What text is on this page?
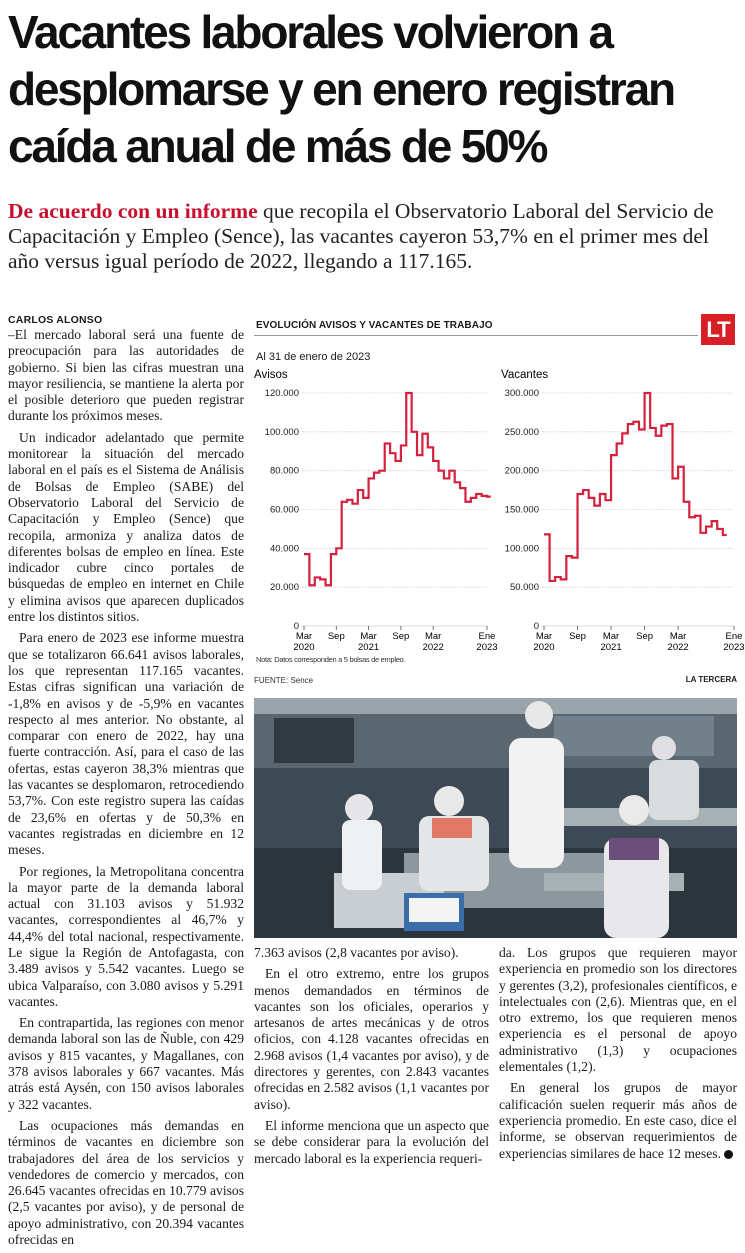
Vacantes laborales volvieron a desplomarse y en enero registran caída anual de más de 50%
De acuerdo con un informe que recopila el Observatorio Laboral del Servicio de Capacitación y Empleo (Sence), las vacantes cayeron 53,7% en el primer mes del año versus igual período de 2022, llegando a 117.165.
CARLOS ALONSO

–El mercado laboral será una fuente de preocupación para las autoridades de gobierno. Si bien las cifras muestran una mayor resiliencia, se mantiene la alerta por el posible deterioro que pueden registrar durante los próximos meses.

Un indicador adelantado que permite monitorear la situación del mercado laboral en el país es el Sistema de Análisis de Bolsas de Empleo (SABE) del Observatorio Laboral del Servicio de Capacitación y Empleo (Sence) que recopila, armoniza y analiza datos de diferentes bolsas de empleo en línea. Este indicador cubre cinco portales de búsquedas de empleo en internet en Chile y elimina avisos que aparecen duplicados entre los distintos sitios.

Para enero de 2023 ese informe muestra que se totalizaron 66.641 avisos laborales, los que representan 117.165 vacantes. Estas cifras significan una variación de -1,8% en avisos y de -5,9% en vacantes respecto al mes anterior. No obstante, al comparar con enero de 2022, hay una fuerte contracción. Así, para el caso de las ofertas, estas cayeron 38,3% mientras que las vacantes se desplomaron, retrocediendo 53,7%. Con este registro supera las caídas de 23,6% en ofertas y de 50,3% en vacantes registradas en diciembre en 12 meses.

Por regiones, la Metropolitana concentra la mayor parte de la demanda laboral actual con 31.103 avisos y 51.932 vacantes, correspondientes al 46,7% y 44,4% del total nacional, respectivamente. Le sigue la Región de Antofagasta, con 3.489 avisos y 5.542 vacantes. Luego se ubica Valparaíso, con 3.080 avisos y 5.291 vacantes.

En contrapartida, las regiones con menor demanda laboral son las de Ñuble, con 429 avisos y 815 vacantes, y Magallanes, con 378 avisos laborales y 667 vacantes. Más atrás está Aysén, con 150 avisos laborales y 322 vacantes.

Las ocupaciones más demandas en términos de vacantes en diciembre son trabajadores del área de los servicios y vendedores de comercio y mercados, con 26.645 vacantes ofrecidas en 10.779 avisos (2,5 vacantes por aviso), y de personal de apoyo administrativo, con 20.394 vacantes ofrecidas en

EVOLUCIÓN AVISOS Y VACANTES DE TRABAJO	LT
Al 31 de enero de 2023
Avisos
0
20.000
40.000
60.000
80.000
100.000
120.000
Mar
2020
Sep Mar
2021
Sep Mar
2022
Ene
2023
Vacantes
0
50.000
100.000
150.000
200.000
250.000
300.000
Mar
2020
Sep Mar
2021
Sep Mar
2022
Ene
2023
Nota: Datos corresponden a 5 bolsas de empleo.
FUENTE: Sence	LA TERCERA

7.363 avisos (2,8 vacantes por aviso).

En el otro extremo, entre los grupos menos demandados en términos de vacantes son los oficiales, operarios y artesanos de artes mecánicas y de otros oficios, con 4.128 vacantes ofrecidas en 2.968 avisos (1,4 vacantes por aviso), y de directores y gerentes, con 2.843 vacantes ofrecidas en 2.582 avisos (1,1 vacantes por aviso).

El informe menciona que un aspecto que se debe considerar para la evolución del mercado laboral es la experiencia requeri-

da. Los grupos que requieren mayor experiencia en promedio son los directores y gerentes (3,2), profesionales científicos, e intelectuales con (2,6). Mientras que, en el otro extremo, los que requieren menos experiencia es el personal de apoyo administrativo (1,3) y ocupaciones elementales (1,2).

En general los grupos de mayor calificación suelen requerir más años de experiencia promedio. En este caso, dice el informe, se observan requerimientos de experiencias similares de hace 12 meses.
